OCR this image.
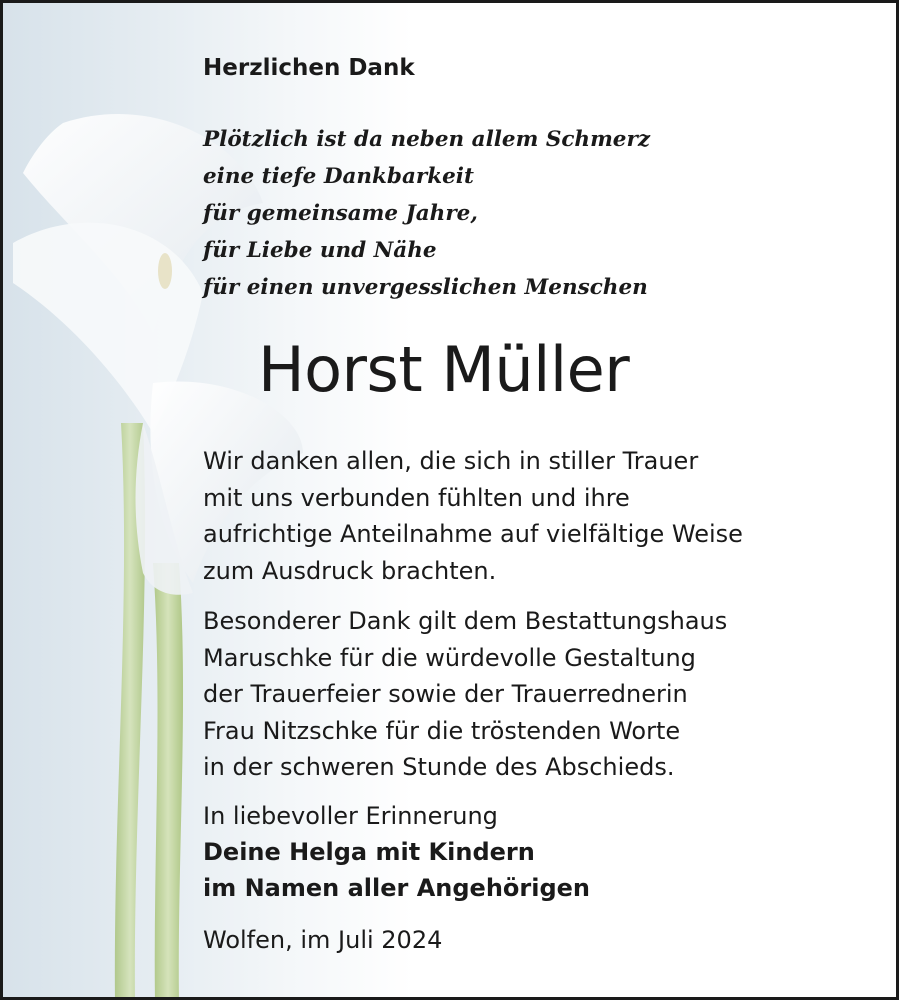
Herzlichen Dank
Plötzlich ist da neben allem Schmerz
eine tiefe Dankbarkeit
für gemeinsame Jahre,
für Liebe und Nähe
für einen unvergesslichen Menschen
Horst Müller
Wir danken allen, die sich in stiller Trauer
mit uns verbunden fühlten und ihre
aufrichtige Anteilnahme auf vielfältige Weise
zum Ausdruck brachten.
Besonderer Dank gilt dem Bestattungshaus
Maruschke für die würdevolle Gestaltung
der Trauerfeier sowie der Trauerrednerin
Frau Nitzschke für die tröstenden Worte
in der schweren Stunde des Abschieds.
In liebevoller Erinnerung
Deine Helga mit Kindern
im Namen aller Angehörigen
Wolfen, im Juli 2024
